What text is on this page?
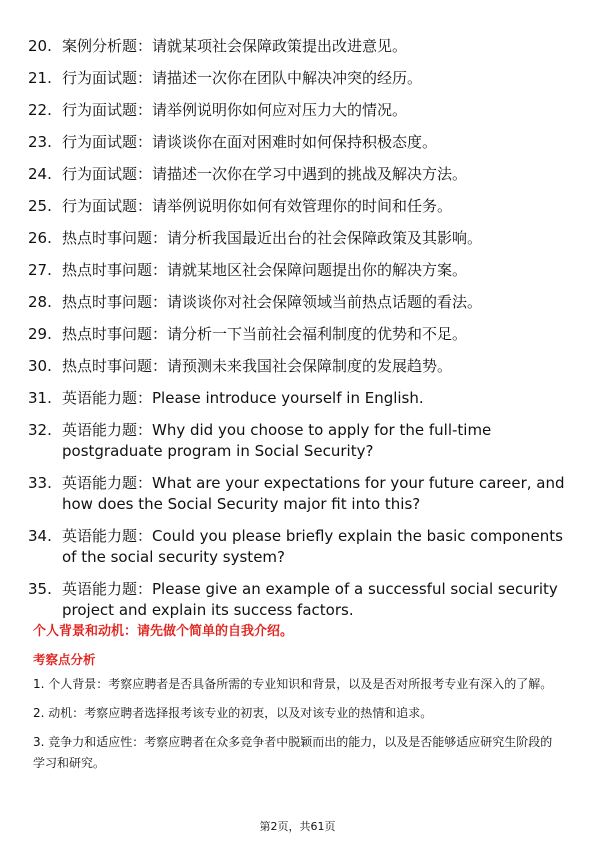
20. 案例分析题：请就某项社会保障政策提出改进意见。
21. 行为面试题：请描述一次你在团队中解决冲突的经历。
22. 行为面试题：请举例说明你如何应对压力大的情况。
23. 行为面试题：请谈谈你在面对困难时如何保持积极态度。
24. 行为面试题：请描述一次你在学习中遇到的挑战及解决方法。
25. 行为面试题：请举例说明你如何有效管理你的时间和任务。
26. 热点时事问题：请分析我国最近出台的社会保障政策及其影响。
27. 热点时事问题：请就某地区社会保障问题提出你的解决方案。
28. 热点时事问题：请谈谈你对社会保障领域当前热点话题的看法。
29. 热点时事问题：请分析一下当前社会福利制度的优势和不足。
30. 热点时事问题：请预测未来我国社会保障制度的发展趋势。
31. 英语能力题：Please introduce yourself in English.
32. 英语能力题：Why did you choose to apply for the full-time postgraduate program in Social Security?
33. 英语能力题：What are your expectations for your future career, and how does the Social Security major fit into this?
34. 英语能力题：Could you please briefly explain the basic components of the social security system?
35. 英语能力题：Please give an example of a successful social security project and explain its success factors.
个人背景和动机：请先做个简单的自我介绍。
考察点分析

1. 个人背景：考察应聘者是否具备所需的专业知识和背景，以及是否对所报考专业有深入的了解。

2. 动机：考察应聘者选择报考该专业的初衷，以及对该专业的热情和追求。

3. 竞争力和适应性：考察应聘者在众多竞争者中脱颖而出的能力，以及是否能够适应研究生阶段的学习和研究。

第2页，共61页
